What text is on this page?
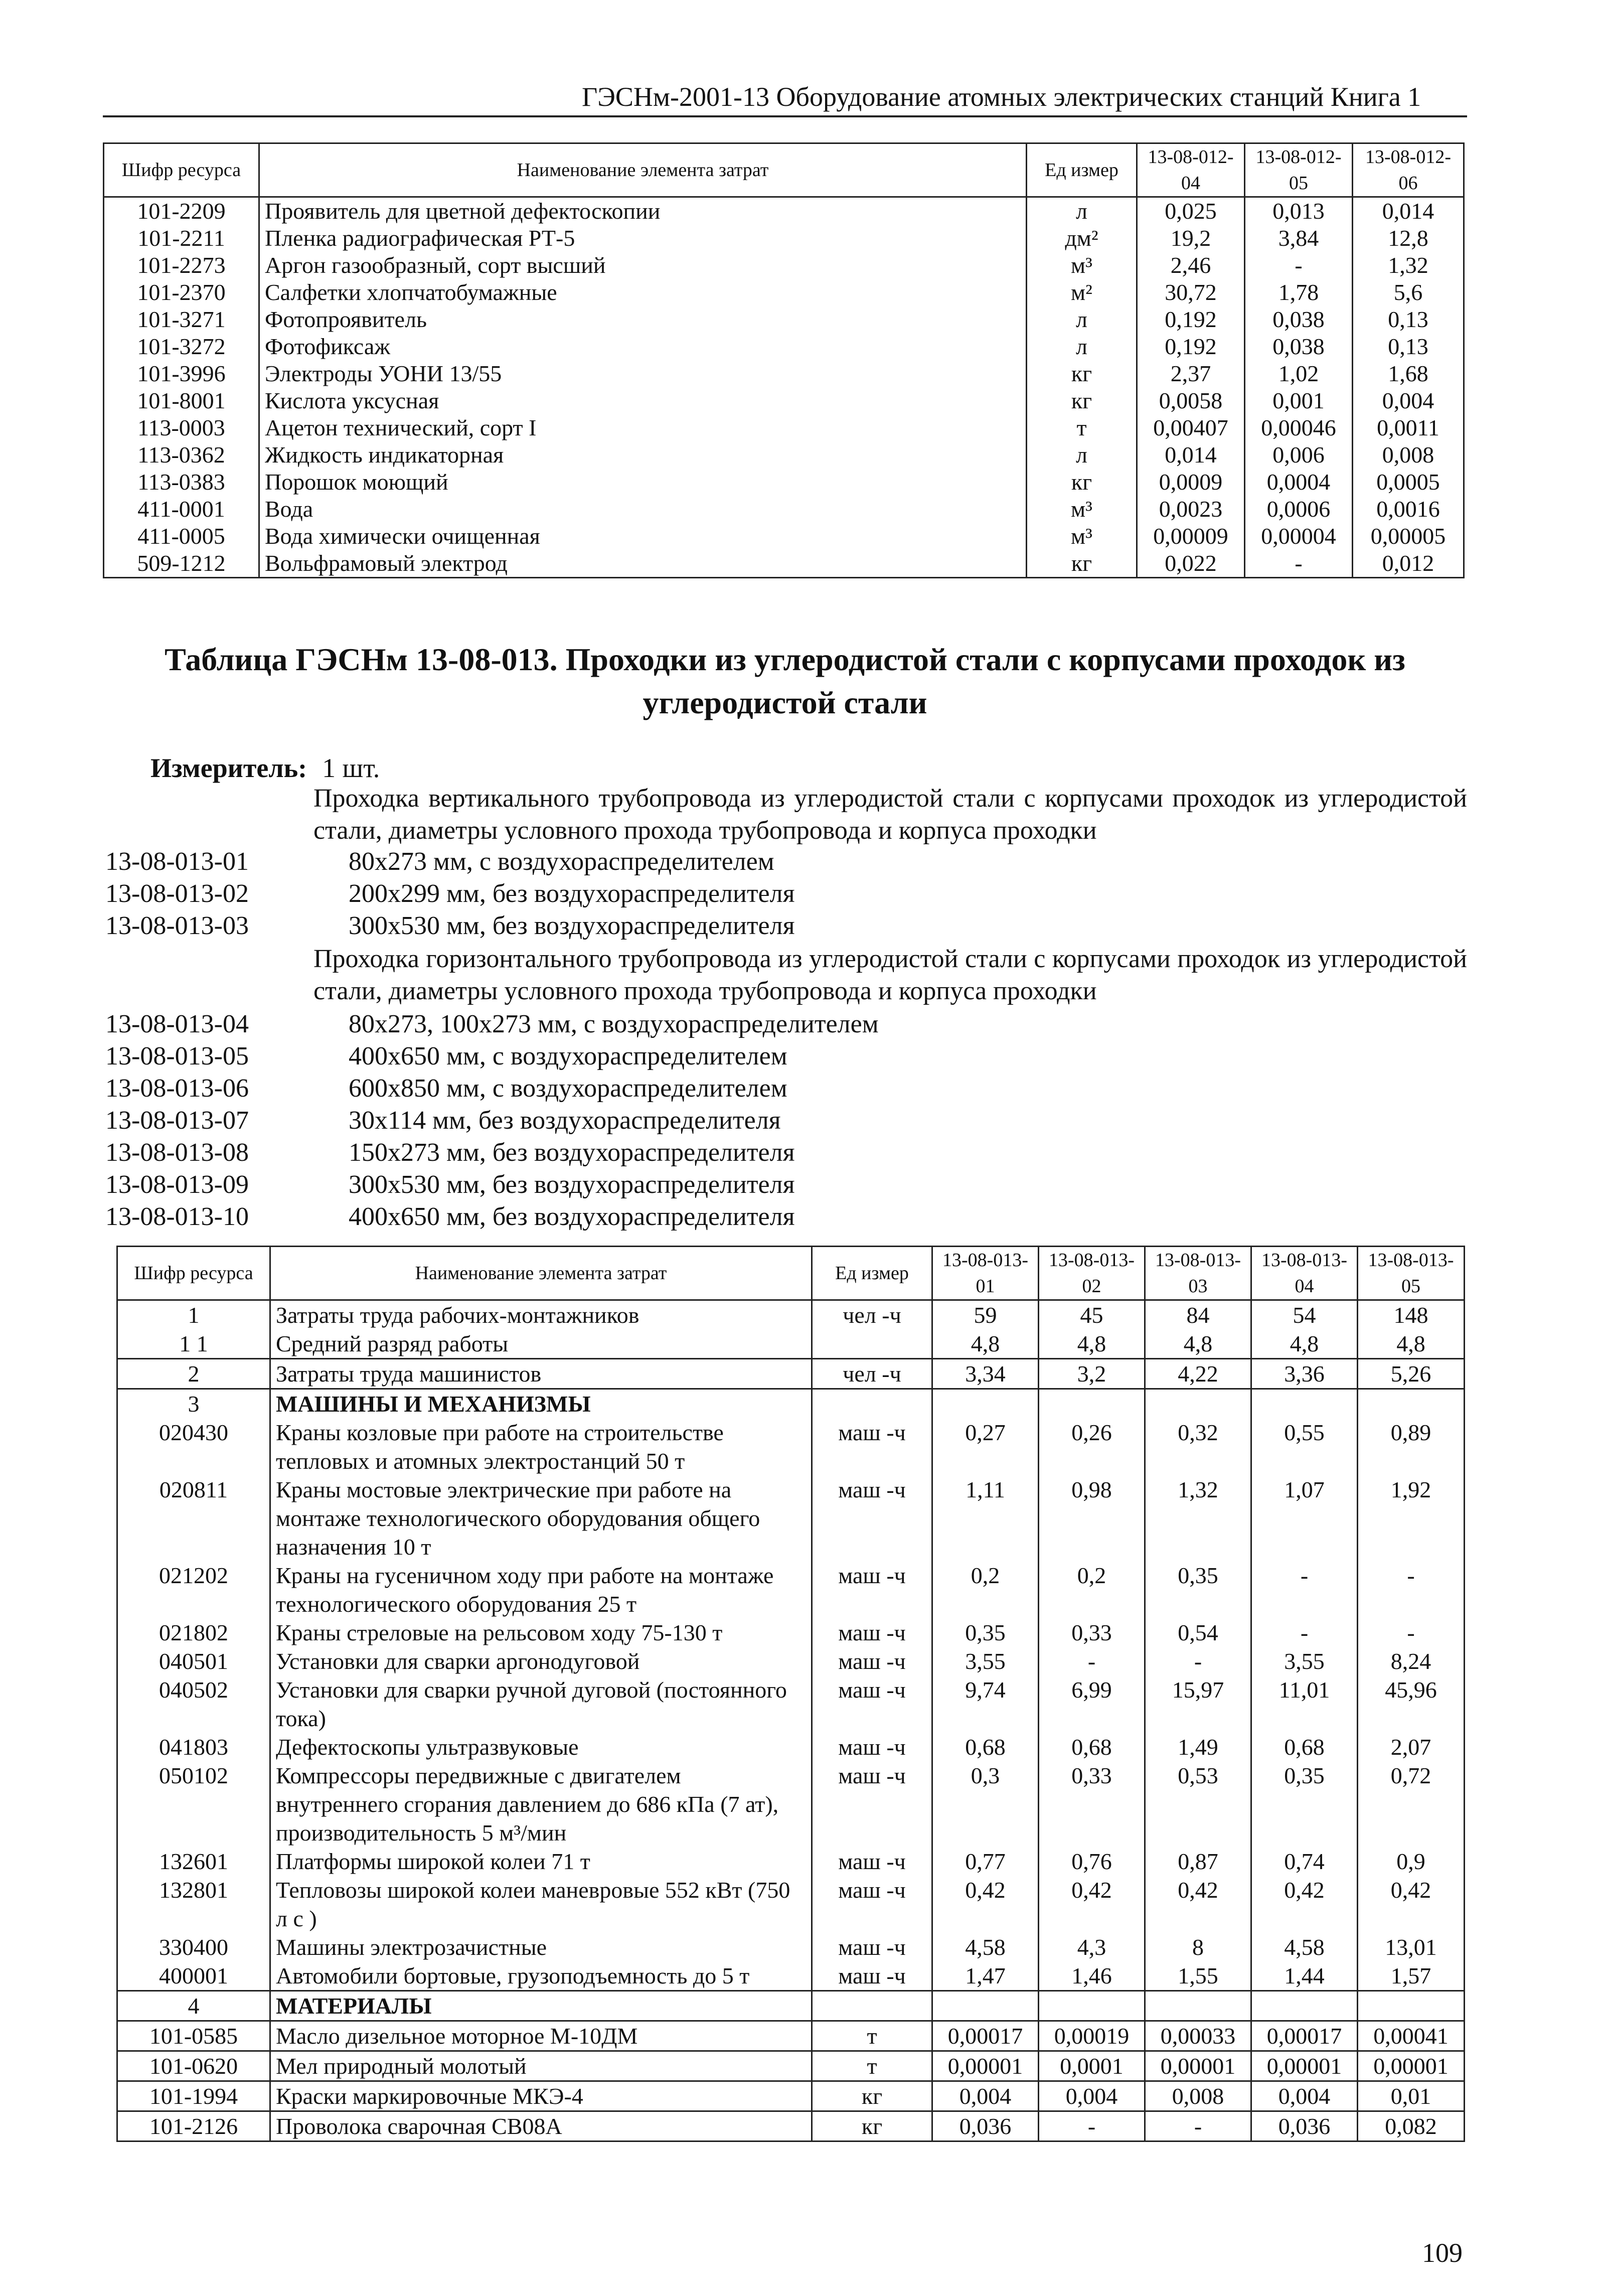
ГЭСНм-2001-13 Оборудование атомных электрических станций Книга 1
Шифр ресурса	Наименование элемента затрат	Ед измер	13-08-012-04	13-08-012-05	13-08-012-06
101-2209	Проявитель для цветной дефектоскопии	л	0,025	0,013	0,014
101-2211	Пленка радиографическая РТ-5	дм²	19,2	3,84	12,8
101-2273	Аргон газообразный, сорт высший	м³	2,46	-	1,32
101-2370	Салфетки хлопчатобумажные	м²	30,72	1,78	5,6
101-3271	Фотопроявитель	л	0,192	0,038	0,13
101-3272	Фотофиксаж	л	0,192	0,038	0,13
101-3996	Электроды УОНИ 13/55	кг	2,37	1,02	1,68
101-8001	Кислота уксусная	кг	0,0058	0,001	0,004
113-0003	Ацетон технический, сорт I	т	0,00407	0,00046	0,0011
113-0362	Жидкость индикаторная	л	0,014	0,006	0,008
113-0383	Порошок моющий	кг	0,0009	0,0004	0,0005
411-0001	Вода	м³	0,0023	0,0006	0,0016
411-0005	Вода химически очищенная	м³	0,00009	0,00004	0,00005
509-1212	Вольфрамовый электрод	кг	0,022	-	0,012
Таблица ГЭСНм 13-08-013. Проходки из углеродистой стали с корпусами проходок из углеродистой стали
Измеритель: 1 шт.
Проходка вертикального трубопровода из углеродистой стали с корпусами проходок из углеродистой стали, диаметры условного прохода трубопровода и корпуса проходки
Проходка горизонтального трубопровода из углеродистой стали с корпусами проходок из углеродистой стали, диаметры условного прохода трубопровода и корпуса проходки
13-08-013-01	80х273 мм, с воздухораспределителем
13-08-013-02	200х299 мм, без воздухораспределителя
13-08-013-03	300х530 мм, без воздухораспределителя
13-08-013-04	80х273, 100х273 мм, с воздухораспределителем
13-08-013-05	400х650 мм, с воздухораспределителем
13-08-013-06	600х850 мм, с воздухораспределителем
13-08-013-07	30х114 мм, без воздухораспределителя
13-08-013-08	150х273 мм, без воздухораспределителя
13-08-013-09	300х530 мм, без воздухораспределителя
13-08-013-10	400х650 мм, без воздухораспределителя
Шифр ресурса	Наименование элемента затрат	Ед измер	13-08-013-01	13-08-013-02	13-08-013-03	13-08-013-04	13-08-013-05
1	Затраты труда рабочих-монтажников	чел -ч	59	45	84	54	148
1 1	Средний разряд работы		4,8	4,8	4,8	4,8	4,8
2	Затраты труда машинистов	чел -ч	3,34	3,2	4,22	3,36	5,26
3	МАШИНЫ И МЕХАНИЗМЫ						
020430	Краны козловые при работе на строительстве тепловых и атомных электростанций 50 т	маш -ч	0,27	0,26	0,32	0,55	0,89
020811	Краны мостовые электрические при работе на монтаже технологического оборудования общего назначения 10 т	маш -ч	1,11	0,98	1,32	1,07	1,92
021202	Краны на гусеничном ходу при работе на монтаже технологического оборудования 25 т	маш -ч	0,2	0,2	0,35	-	-
021802	Краны стреловые на рельсовом ходу 75-130 т	маш -ч	0,35	0,33	0,54	-	-
040501	Установки для сварки аргонодуговой	маш -ч	3,55	-	-	3,55	8,24
040502	Установки для сварки ручной дуговой (постоянного тока)	маш -ч	9,74	6,99	15,97	11,01	45,96
041803	Дефектоскопы ультразвуковые	маш -ч	0,68	0,68	1,49	0,68	2,07
050102	Компрессоры передвижные с двигателем внутреннего сгорания давлением до 686 кПа (7 ат), производительность 5 м³/мин	маш -ч	0,3	0,33	0,53	0,35	0,72
132601	Платформы широкой колеи 71 т	маш -ч	0,77	0,76	0,87	0,74	0,9
132801	Тепловозы широкой колеи маневровые 552 кВт (750 л с )	маш -ч	0,42	0,42	0,42	0,42	0,42
330400	Машины электрозачистные	маш -ч	4,58	4,3	8	4,58	13,01
400001	Автомобили бортовые, грузоподъемность до 5 т	маш -ч	1,47	1,46	1,55	1,44	1,57
4	МАТЕРИАЛЫ						
101-0585	Масло дизельное моторное М-10ДМ	т	0,00017	0,00019	0,00033	0,00017	0,00041
101-0620	Мел природный молотый	т	0,00001	0,0001	0,00001	0,00001	0,00001
101-1994	Краски маркировочные МКЭ-4	кг	0,004	0,004	0,008	0,004	0,01
101-2126	Проволока сварочная СВ08А	кг	0,036	-	-	0,036	0,082
109
